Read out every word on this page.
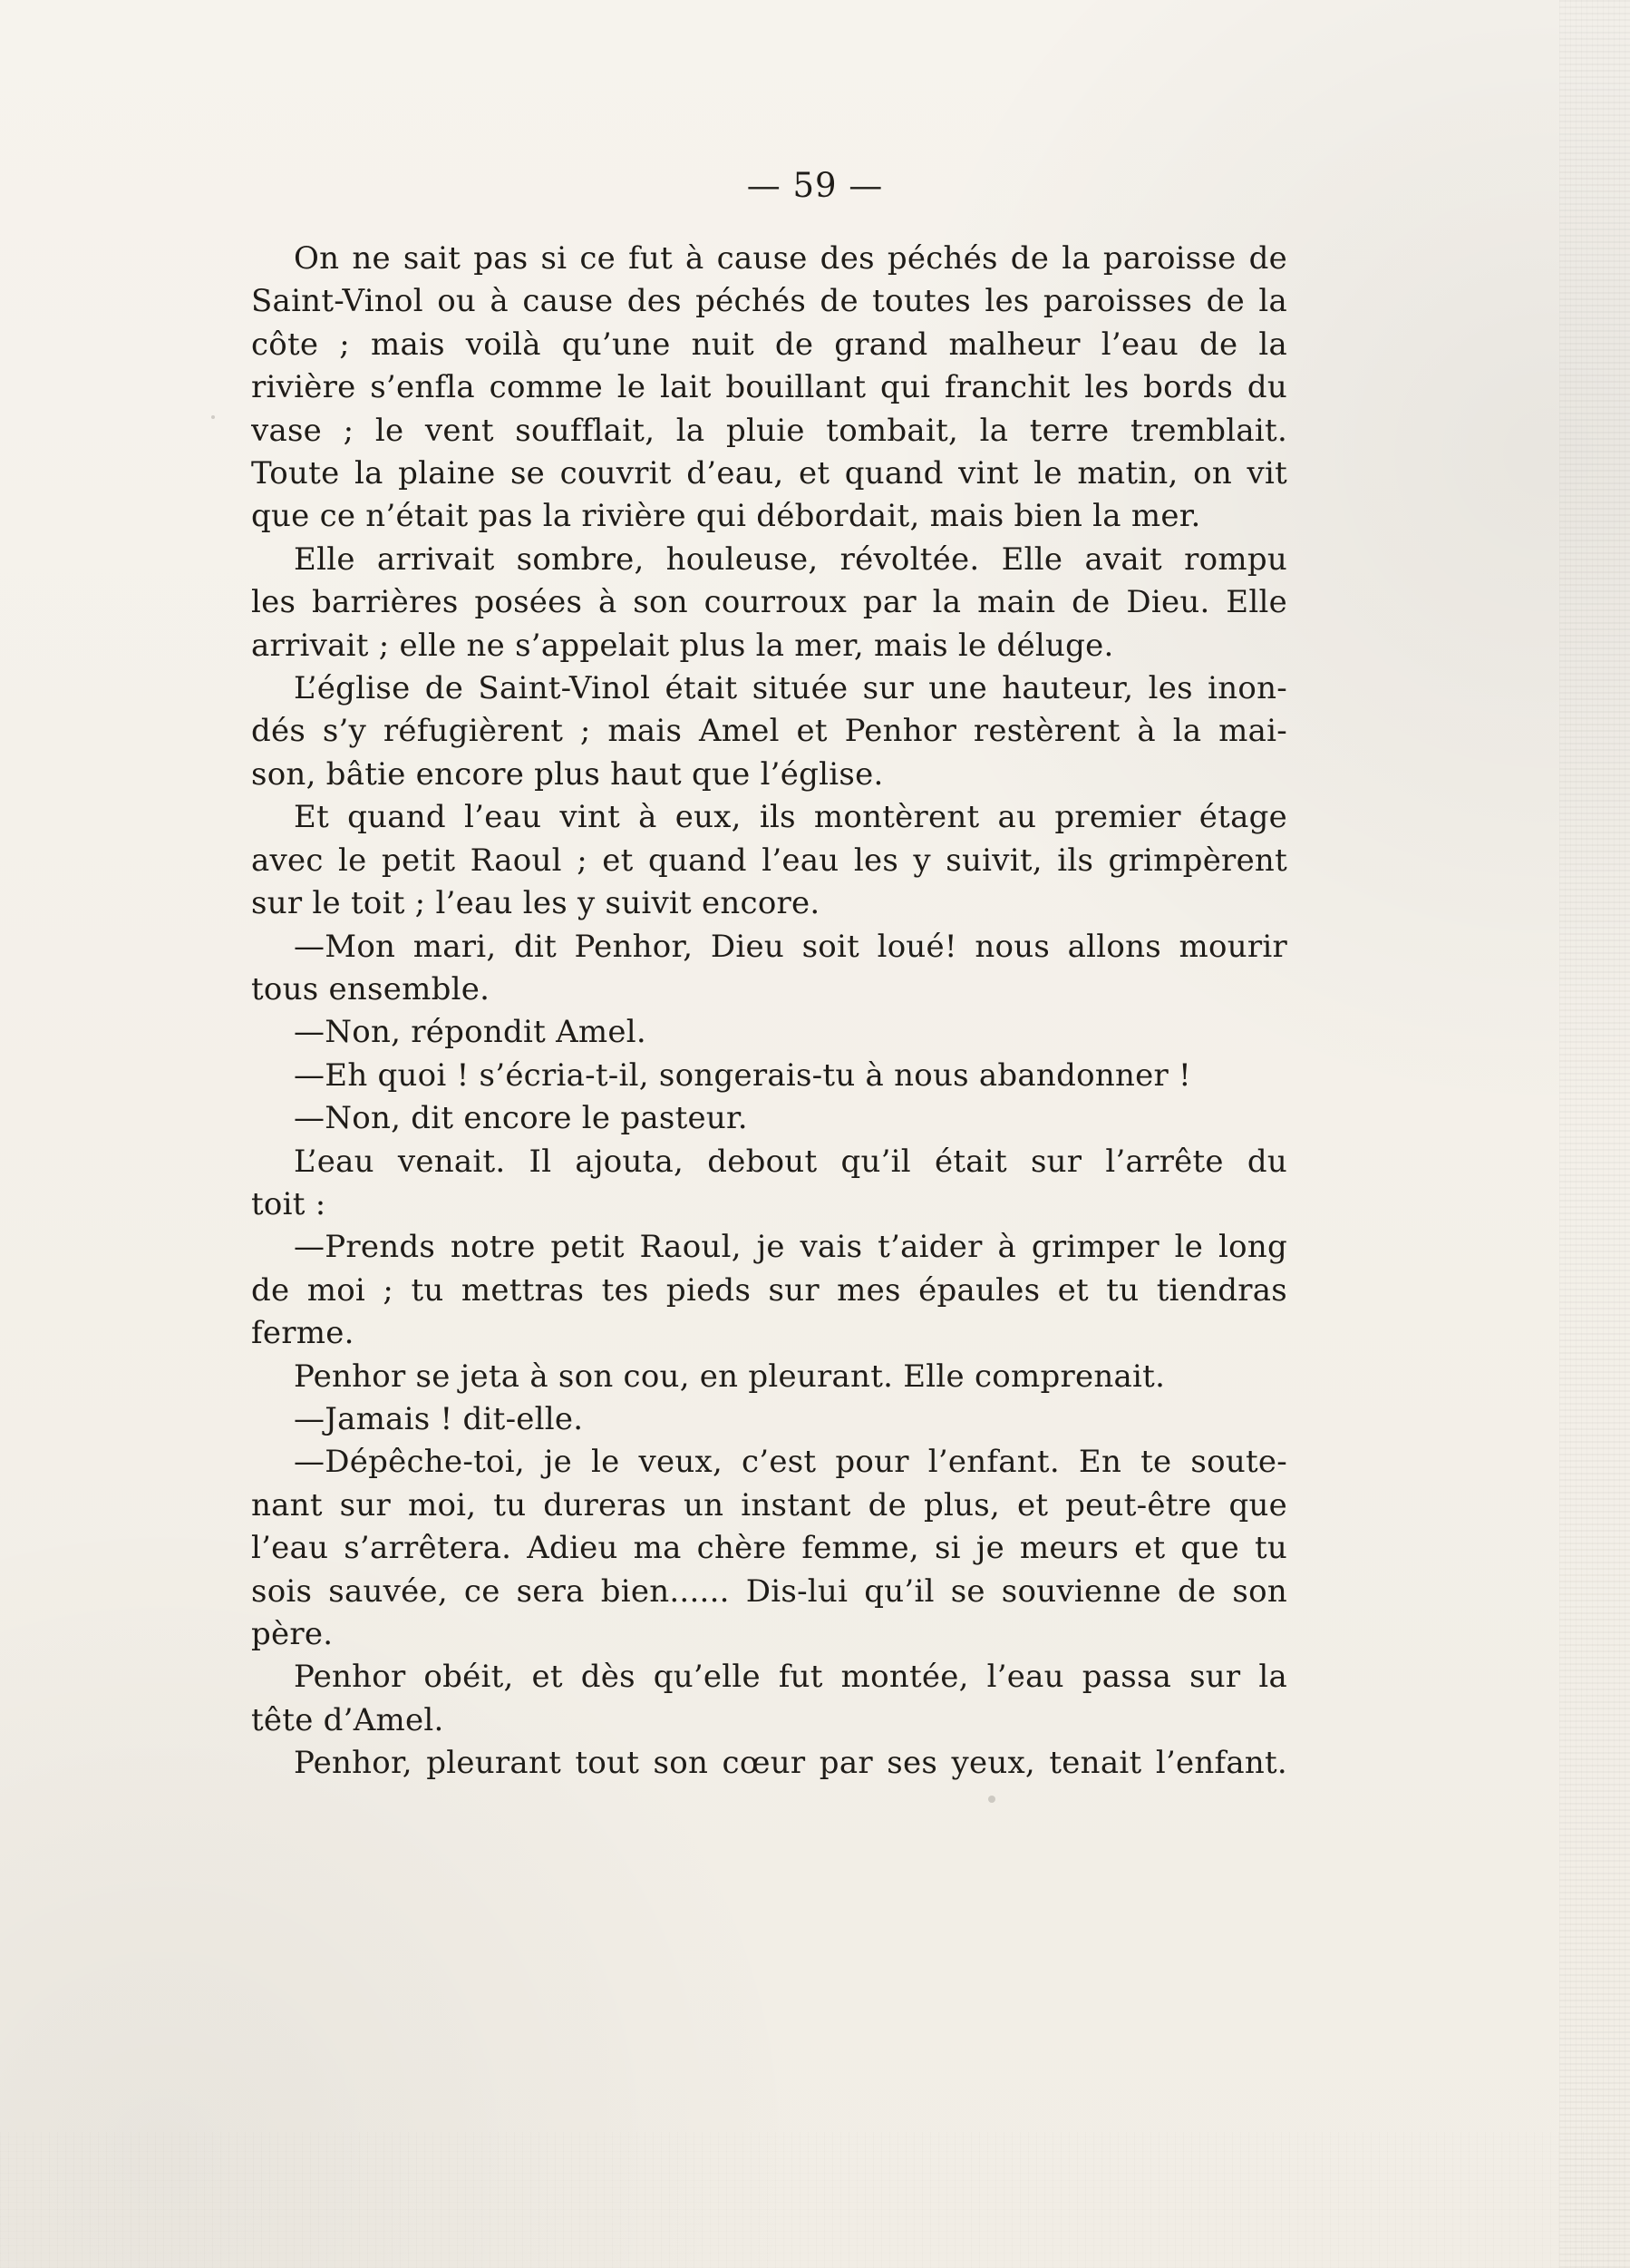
— 59 —
On ne sait pas si ce fut à cause des péchés de la paroisse de
Saint-Vinol ou à cause des péchés de toutes les paroisses de la
côte ; mais voilà qu’une nuit de grand malheur l’eau de la
rivière s’enfla comme le lait bouillant qui franchit les bords du
vase ; le vent soufflait, la pluie tombait, la terre tremblait.
Toute la plaine se couvrit d’eau, et quand vint le matin, on vit
que ce n’était pas la rivière qui débordait, mais bien la mer.
Elle arrivait sombre, houleuse, révoltée. Elle avait rompu
les barrières posées à son courroux par la main de Dieu. Elle
arrivait ; elle ne s’appelait plus la mer, mais le déluge.
L’église de Saint-Vinol était située sur une hauteur, les inon-
dés s’y réfugièrent ; mais Amel et Penhor restèrent à la mai-
son, bâtie encore plus haut que l’église.
Et quand l’eau vint à eux, ils montèrent au premier étage
avec le petit Raoul ; et quand l’eau les y suivit, ils grimpèrent
sur le toit ; l’eau les y suivit encore.
—Mon mari, dit Penhor, Dieu soit loué! nous allons mourir
tous ensemble.
—Non, répondit Amel.
—Eh quoi ! s’écria-t-il, songerais-tu à nous abandonner !
—Non, dit encore le pasteur.
L’eau venait. Il ajouta, debout qu’il était sur l’arrête du
toit :
—Prends notre petit Raoul, je vais t’aider à grimper le long
de moi ; tu mettras tes pieds sur mes épaules et tu tiendras
ferme.
Penhor se jeta à son cou, en pleurant. Elle comprenait.
—Jamais ! dit-elle.
—Dépêche-toi, je le veux, c’est pour l’enfant. En te soute-
nant sur moi, tu dureras un instant de plus, et peut-être que
l’eau s’arrêtera. Adieu ma chère femme, si je meurs et que tu
sois sauvée, ce sera bien...... Dis-lui qu’il se souvienne de son
père.
Penhor obéit, et dès qu’elle fut montée, l’eau passa sur la
tête d’Amel.
Penhor, pleurant tout son cœur par ses yeux, tenait l’enfant.
